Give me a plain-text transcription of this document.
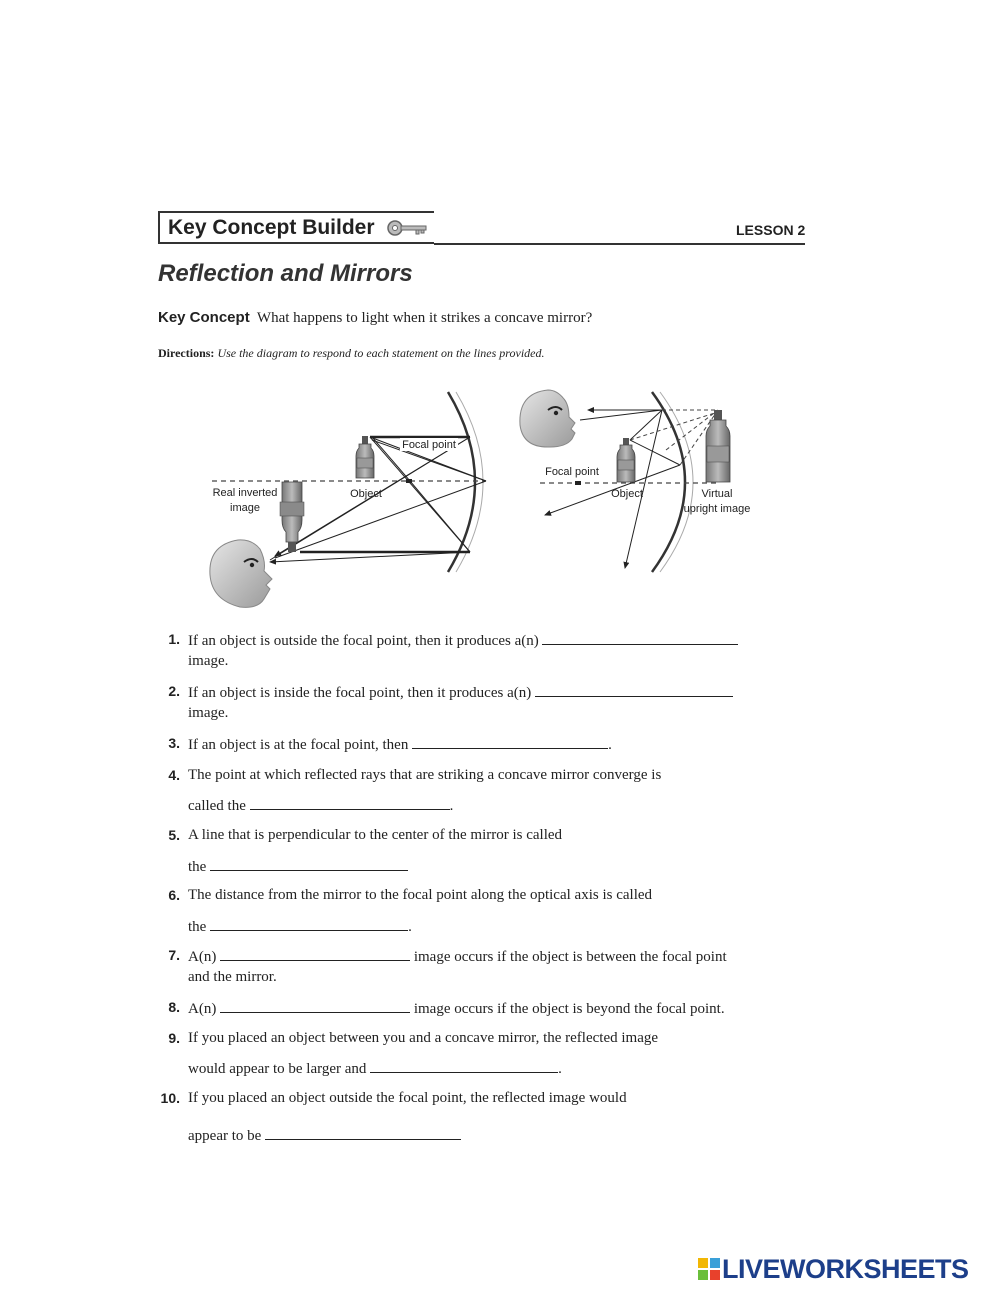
Key Concept Builder	LESSON 2
Reflection and Mirrors
Key Concept What happens to light when it strikes a concave mirror?
Directions: Use the diagram to respond to each statement on the lines provided.
Focal point
Object
Real inverted
image
Focal point
Object	Virtual
upright image
1. If an object is outside the focal point, then it produces a(n)
image.
2. If an object is inside the focal point, then it produces a(n)
image.
3. If an object is at the focal point, then	.
4. The point at which reflected rays that are striking a concave mirror converge is
called the	.
5. A line that is perpendicular to the center of the mirror is called
the
6. The distance from the mirror to the focal point along the optical axis is called
the	.
7. A(n)	image occurs if the object is between the focal point
and the mirror.
8. A(n)	image occurs if the object is beyond the focal point.
9. If you placed an object between you and a concave mirror, the reflected image
would appear to be larger and	.
10. If you placed an object outside the focal point, the reflected image would
appear to be
LIVEWORKSHEETS
